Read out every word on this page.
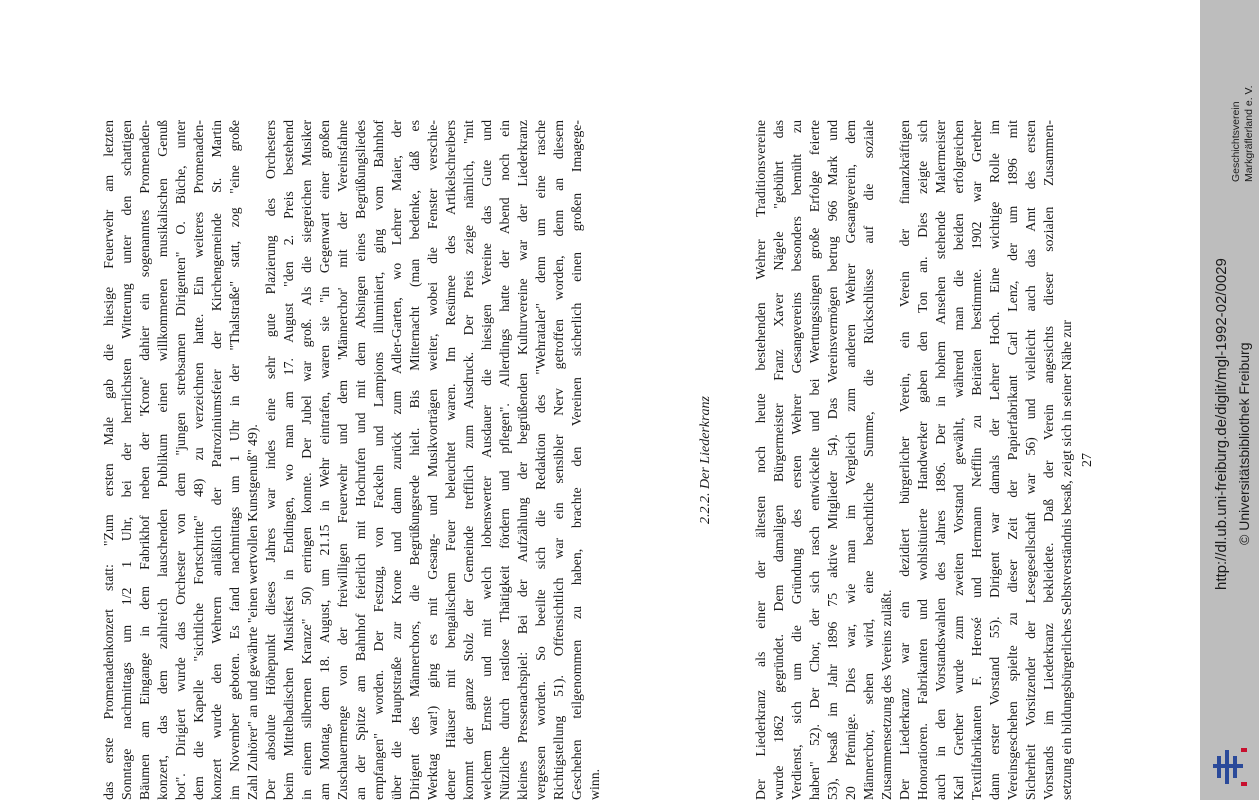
das erste Promenadenkonzert statt: "Zum ersten Male gab die hiesige Feuerwehr am letzten Sonntage nachmittags um 1/2 1 Uhr, bei der herrlichsten Witterung unter den schattigen Bäumen am Eingange in dem Fabrikhof neben der 'Krone' dahier ein sogenanntes Promenaden- konzert, das dem zahlreich lauschenden Publikum einen willkommenen musikalischen Genuß bot". Dirigiert wurde das Orchester von dem "jungen strebsamen Dirigenten" O. Büche, unter dem die Kapelle "sichtliche Fortschritte" 48) zu verzeichnen hatte. Ein weiteres Promenaden- konzert wurde den Wehrern anläßlich der Patroziniumsfeier der Kirchengemeinde St. Martin im November geboten. Es fand nachmittags um 1 Uhr in der "Thalstraße" statt, zog "eine große Zahl Zuhörer" an und gewährte "einen wertvollen Kunstgenuß" 49). Der absolute Höhepunkt dieses Jahres war indes eine sehr gute Plazierung des Orchesters beim Mittelbadischen Musikfest in Endingen, wo man am 17. August "den 2. Preis bestehend in einem silbernen Kranze" 50) erringen konnte. Der Jubel war groß. Als die siegreichen Musiker am Montag, dem 18. August, um 21.15 in Wehr eintrafen, waren sie "in Gegenwart einer großen Zuschauermenge von der freiwilligen Feuerwehr und dem 'Männerchor' mit der Vereinsfahne an der Spitze am Bahnhof feierlich mit Hochrufen und mit dem Absingen eines Begrüßungsliedes empfangen" worden. Der Festzug, von Fackeln und Lampions illuminiert, ging vom Bahnhof über die Hauptstraße zur Krone und dann zurück zum Adler-Garten, wo Lehrer Maier, der Dirigent des Männerchors, die Begrüßungsrede hielt. Bis Mitternacht (man bedenke, daß es Werktag war!) ging es mit Gesang- und Musikvorträgen weiter, wobei die Fenster verschie- dener Häuser mit bengalischem Feuer beleuchtet waren. Im Resümee des Artikelschreibers kommt der ganze Stolz der Gemeinde trefflich zum Ausdruck. Der Preis zeige nämlich, "mit welchem Ernste und mit welch lobenswerter Ausdauer die hiesigen Vereine das Gute und Nützliche durch rastlose Thätigkeit fördern und pflegen". Allerdings hatte der Abend noch ein kleines Pressenachspiel: Bei der Aufzählung der begrüßenden Kulturvereine war der Liederkranz vergessen worden. So beeilte sich die Redaktion des "Wehrataler" denn um eine rasche Richtigstellung 51). Offensichtlich war ein sensibler Nerv getroffen worden, denn an diesem Geschehen teilgenommen zu haben, brachte den Vereinen sicherlich einen großen Imagege- winn.
2.2.2. Der Liederkranz	Der Liederkranz als einer der ältesten noch heute bestehenden Wehrer Traditionsvereine wurde 1862 gegründet. Dem damaligen Bürgermeister Franz Xaver Nägele "gebührt das Verdienst, sich um die Gründung des ersten Wehrer Gesangvereins besonders bemüht zu haben" 52). Der Chor, der sich rasch entwickelte und bei Wertungssingen große Erfolge feierte 53), besaß im Jahr 1896 75 aktive Mitglieder 54). Das Vereinsvermögen betrug 966 Mark und 20 Pfennige. Dies war, wie man im Vergleich zum anderen Wehrer Gesangverein, dem Männerchor, sehen wird, eine beachtliche Summe, die Rückschlüsse auf die soziale Zusammensetzung des Vereins zuläßt. Der Liederkranz war ein dezidiert bürgerlicher Verein, ein Verein der finanzkräftigen Honoratioren. Fabrikanten und wohlsituierte Handwerker gaben den Ton an. Dies zeigte sich auch in den Vorstandswahlen des Jahres 1896. Der in hohem Ansehen stehende Malermeister Karl Grether wurde zum zweiten Vorstand gewählt, während man die beiden erfolgreichen Textilfabrikanten F. Herosé und Hermann Nefflin zu Beiräten bestimmte. 1902 war Grether dann erster Vorstand 55). Dirigent war damals der Lehrer Hoch. Eine wichtige Rolle im Vereinsgeschehen spielte zu dieser Zeit der Papierfabrikant Carl Lenz, der um 1896 mit Sicherheit Vorsitzender der Lesegesellschaft war 56) und vielleicht auch das Amt des ersten Vorstands im Liederkranz bekleidete. Daß der Verein angesichts dieser sozialen Zusammen- setzung ein bildungsbürgerliches Selbstverständnis besaß, zeigt sich in seiner Nähe zur 27
Geschichtsverein Markgräflerland e. V.
http://dl.ub.uni-freiburg.de/diglit/mgl-1992-02/0029 © Universitätsbibliothek Freiburg
